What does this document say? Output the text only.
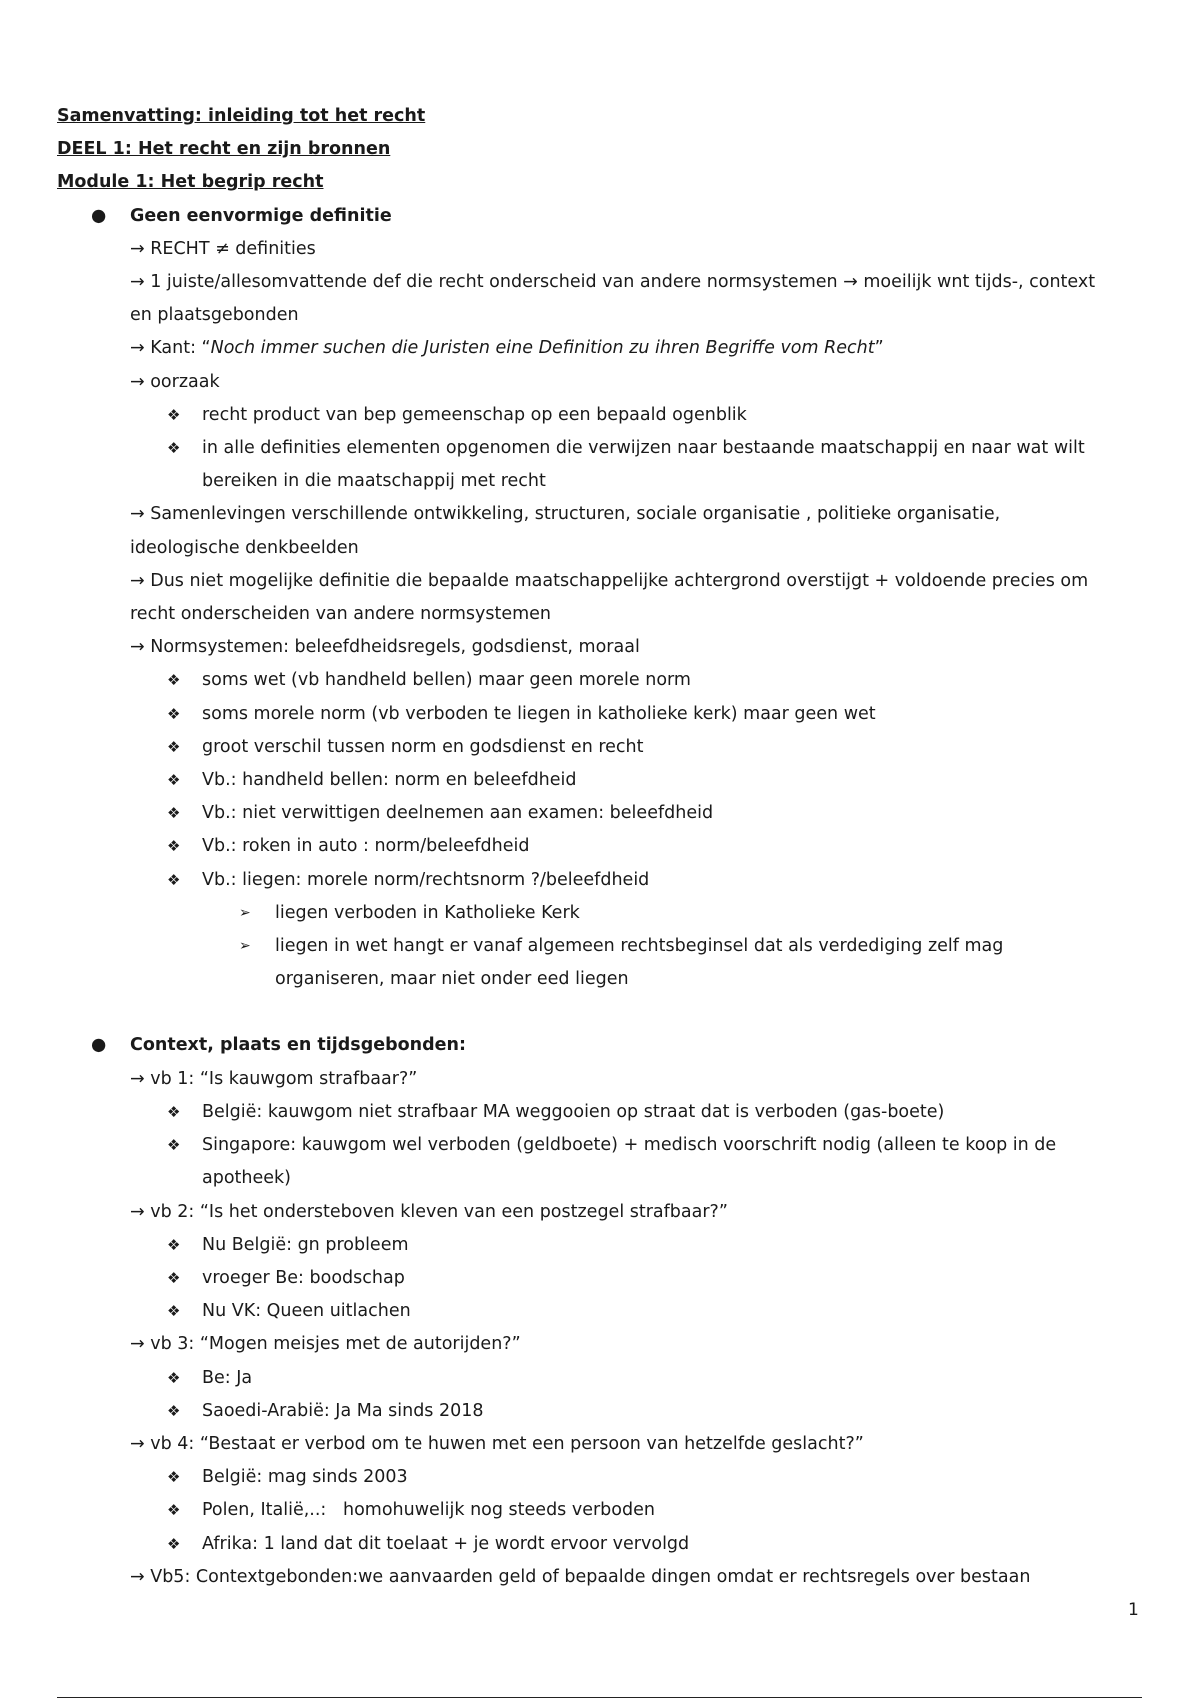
Samenvatting: inleiding tot het recht
DEEL 1: Het recht en zijn bronnen
Module 1: Het begrip recht
● Geen eenvormige definitie
→ RECHT ≠ definities
→ 1 juiste/allesomvattende def die recht onderscheid van andere normsystemen → moeilijk wnt tijds-, context
en plaatsgebonden
→ Kant: “Noch immer suchen die Juristen eine Definition zu ihren Begriffe vom Recht”
→ oorzaak
❖ recht product van bep gemeenschap op een bepaald ogenblik
❖ in alle definities elementen opgenomen die verwijzen naar bestaande maatschappij en naar wat wilt
bereiken in die maatschappij met recht
→ Samenlevingen verschillende ontwikkeling, structuren, sociale organisatie , politieke organisatie,
ideologische denkbeelden
→ Dus niet mogelijke definitie die bepaalde maatschappelijke achtergrond overstijgt + voldoende precies om
recht onderscheiden van andere normsystemen
→ Normsystemen: beleefdheidsregels, godsdienst, moraal
❖ soms wet (vb handheld bellen) maar geen morele norm
❖ soms morele norm (vb verboden te liegen in katholieke kerk) maar geen wet
❖ groot verschil tussen norm en godsdienst en recht
❖ Vb.: handheld bellen: norm en beleefdheid
❖ Vb.: niet verwittigen deelnemen aan examen: beleefdheid
❖ Vb.: roken in auto : norm/beleefdheid
❖ Vb.: liegen: morele norm/rechtsnorm ?/beleefdheid
➢ liegen verboden in Katholieke Kerk
➢ liegen in wet hangt er vanaf algemeen rechtsbeginsel dat als verdediging zelf mag
organiseren, maar niet onder eed liegen
● Context, plaats en tijdsgebonden:
→ vb 1: “Is kauwgom strafbaar?”
❖ België: kauwgom niet strafbaar MA weggooien op straat dat is verboden (gas-boete)
❖ Singapore: kauwgom wel verboden (geldboete) + medisch voorschrift nodig (alleen te koop in de
apotheek)
→ vb 2: “Is het ondersteboven kleven van een postzegel strafbaar?”
❖ Nu België: gn probleem
❖ vroeger Be: boodschap
❖ Nu VK: Queen uitlachen
→ vb 3: “Mogen meisjes met de autorijden?”
❖ Be: Ja
❖ Saoedi-Arabië: Ja Ma sinds 2018
→ vb 4: “Bestaat er verbod om te huwen met een persoon van hetzelfde geslacht?”
❖ België: mag sinds 2003
❖ Polen, Italië,..:   homohuwelijk nog steeds verboden
❖ Afrika: 1 land dat dit toelaat + je wordt ervoor vervolgd
→ Vb5: Contextgebonden:we aanvaarden geld of bepaalde dingen omdat er rechtsregels over bestaan
1
